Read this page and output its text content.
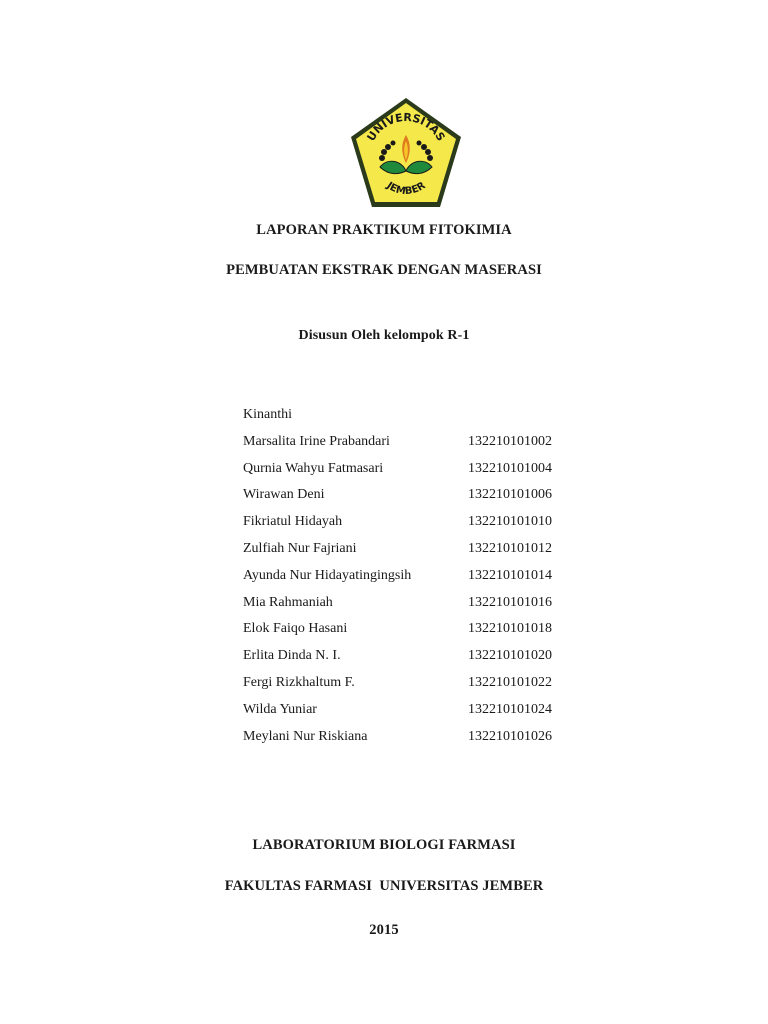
UNIVERSITAS
JEMBER
LAPORAN PRAKTIKUM FITOKIMIA
PEMBUATAN EKSTRAK DENGAN MASERASI
Disusun Oleh kelompok R-1
Kinanthi
Marsalita Irine Prabandari	132210101002
Qurnia Wahyu Fatmasari	132210101004
Wirawan Deni	132210101006
Fikriatul Hidayah	132210101010
Zulfiah Nur Fajriani	132210101012
Ayunda Nur Hidayatingingsih	132210101014
Mia Rahmaniah	132210101016
Elok Faiqo Hasani	132210101018
Erlita Dinda N. I.	132210101020
Fergi Rizkhaltum F.	132210101022
Wilda Yuniar	132210101024
Meylani Nur Riskiana	132210101026
LABORATORIUM BIOLOGI FARMASI
FAKULTAS FARMASI  UNIVERSITAS JEMBER
2015
